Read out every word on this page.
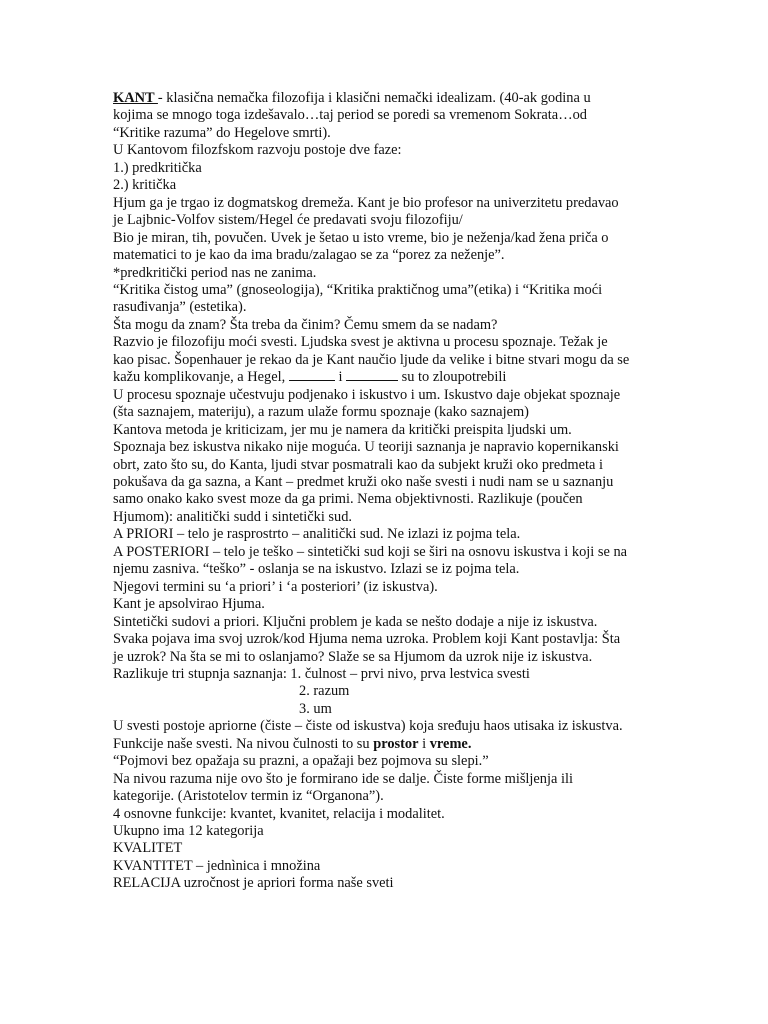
KANT - klasična nemačka filozofija i klasični nemački idealizam. (40-ak godina u
kojima se mnogo toga izdešavalo…taj period se poredi sa vremenom Sokrata…od
“Kritike razuma” do Hegelove smrti).
U Kantovom filozfskom razvoju postoje dve faze:
1.) predkritička
2.) kritička
Hjum ga je trgao iz dogmatskog dremeža. Kant je bio profesor na univerzitetu predavao
je Lajbnic-Volfov sistem/Hegel će predavati svoju filozofiju/
Bio je miran, tih, povučen. Uvek je šetao u isto vreme, bio je neženja/kad žena priča o
matematici to je kao da ima bradu/zalagao se za “porez za neženje”.
*predkritički period nas ne zanima.
“Kritika čistog uma” (gnoseologija), “Kritika praktičnog uma”(etika) i “Kritika moći
rasuđivanja” (estetika).
Šta mogu da znam? Šta treba da činim? Čemu smem da se nadam?
Razvio je filozofiju moći svesti. Ljudska svest je aktivna u procesu spoznaje. Težak je
kao pisac. Šopenhauer je rekao da je Kant naučio ljude da velike i bitne stvari mogu da se
kažu komplikovanje, a Hegel,	i	su to zloupotrebili
U procesu spoznaje učestvuju podjenako i iskustvo i um. Iskustvo daje objekat spoznaje
(šta saznajem, materiju), a razum ulaže formu spoznaje (kako saznajem)
Kantova metoda je kriticizam, jer mu je namera da kritički preispita ljudski um.
Spoznaja bez iskustva nikako nije moguća. U teoriji saznanja je napravio kopernikanski
obrt, zato što su, do Kanta, ljudi stvar posmatrali kao da subjekt kruži oko predmeta i
pokušava da ga sazna, a Kant – predmet kruži oko naše svesti i nudi nam se u saznanju
samo onako kako svest moze da ga primi. Nema objektivnosti. Razlikuje (poučen
Hjumom): analitički sudd i sintetički sud.
A PRIORI – telo je rasprostrto – analitički sud. Ne izlazi iz pojma tela.
A POSTERIORI – telo je teško – sintetički sud koji se širi na osnovu iskustva i koji se na
njemu zasniva. “teško” - oslanja se na iskustvo. Izlazi se iz pojma tela.
Njegovi termini su ‘a priori’ i ‘a posteriori’ (iz iskustva).
Kant je apsolvirao Hjuma.
Sintetički sudovi a priori. Ključni problem je kada se nešto dodaje a nije iz iskustva.
Svaka pojava ima svoj uzrok/kod Hjuma nema uzroka. Problem koji Kant postavlja: Šta
je uzrok? Na šta se mi to oslanjamo? Slaže se sa Hjumom da uzrok nije iz iskustva.
Razlikuje tri stupnja saznanja: 1. čulnost – prvi nivo, prva lestvica svesti
2. razum
3. um
U svesti postoje apriorne (čiste – čiste od iskustva) koja sređuju haos utisaka iz iskustva.
Funkcije naše svesti. Na nivou čulnosti to su prostor i vreme.
“Pojmovi bez opažaja su prazni, a opažaji bez pojmova su slepi.”
Na nivou razuma nije ovo što je formirano ide se dalje. Čiste forme mišljenja ili
kategorije. (Aristotelov termin iz “Organona”).
4 osnovne funkcije: kvantet, kvanitet, relacija i modalitet.
Ukupno ima 12 kategorija
KVALITET
KVANTITET – jednìnica i množina
RELACIJA uzročnost je apriori forma naše sveti
